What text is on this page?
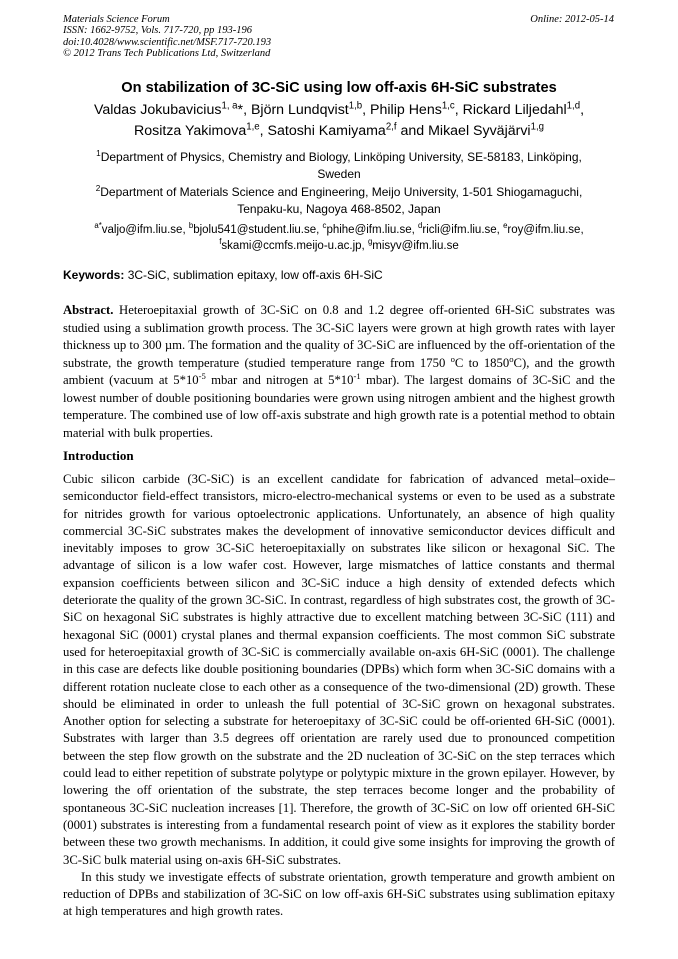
Materials Science Forum
ISSN: 1662-9752, Vols. 717-720, pp 193-196
doi:10.4028/www.scientific.net/MSF.717-720.193
© 2012 Trans Tech Publications Ltd, Switzerland
Online: 2012-05-14
On stabilization of 3C-SiC using low off-axis 6H-SiC substrates
Valdas Jokubavicius$^{1, a}$*, Björn Lundqvist$^{1,b}$, Philip Hens$^{1,c}$, Rickard Liljedahl$^{1,d}$,
Rositza Yakimova$^{1,e}$, Satoshi Kamiyama$^{2,f}$ and Mikael Syväjärvi$^{1,g}$
$^1$Department of Physics, Chemistry and Biology, Linköping University, SE-58183, Linköping,
Sweden
$^2$Department of Materials Science and Engineering, Meijo University, 1-501 Shiogamaguchi,
Tenpaku-ku, Nagoya 468-8502, Japan
$^{a*}$valjo@ifm.liu.se, $^b$bjolu541@student.liu.se, $^c$phihe@ifm.liu.se, $^d$ricli@ifm.liu.se, $^e$roy@ifm.liu.se,
$^f$skami@ccmfs.meijo-u.ac.jp, $^g$misyv@ifm.liu.se
Keywords: 3C-SiC, sublimation epitaxy, low off-axis 6H-SiC
Abstract. Heteroepitaxial growth of 3C-SiC on 0.8 and 1.2 degree off-oriented 6H-SiC substrates was studied using a sublimation growth process. The 3C-SiC layers were grown at high growth rates with layer thickness up to 300 µm. The formation and the quality of 3C-SiC are influenced by the off-orientation of the substrate, the growth temperature (studied temperature range from 1750 $^o$C to 1850$^o$C), and the growth ambient (vacuum at $5*10^{-5}$ mbar and nitrogen at $5*10^{-1}$ mbar). The largest domains of 3C-SiC and the lowest number of double positioning boundaries were grown using nitrogen ambient and the highest growth temperature. The combined use of low off-axis substrate and high growth rate is a potential method to obtain material with bulk properties.
Introduction

Cubic silicon carbide (3C-SiC) is an excellent candidate for fabrication of advanced metal–oxide–semiconductor field-effect transistors, micro-electro-mechanical systems or even to be used as a substrate for nitrides growth for various optoelectronic applications. Unfortunately, an absence of high quality commercial 3C-SiC substrates makes the development of innovative semiconductor devices difficult and inevitably imposes to grow 3C-SiC heteroepitaxially on substrates like silicon or hexagonal SiC. The advantage of silicon is a low wafer cost. However, large mismatches of lattice constants and thermal expansion coefficients between silicon and 3C-SiC induce a high density of extended defects which deteriorate the quality of the grown 3C-SiC. In contrast, regardless of high substrates cost, the growth of 3C-SiC on hexagonal SiC substrates is highly attractive due to excellent matching between 3C-SiC (111) and hexagonal SiC (0001) crystal planes and thermal expansion coefficients. The most common SiC substrate used for heteroepitaxial growth of 3C-SiC is commercially available on-axis 6H-SiC (0001). The challenge in this case are defects like double positioning boundaries (DPBs) which form when 3C-SiC domains with a different rotation nucleate close to each other as a consequence of the two-dimensional (2D) growth. These should be eliminated in order to unleash the full potential of 3C-SiC grown on hexagonal substrates. Another option for selecting a substrate for heteroepitaxy of 3C-SiC could be off-oriented 6H-SiC (0001). Substrates with larger than 3.5 degrees off orientation are rarely used due to pronounced competition between the step flow growth on the substrate and the 2D nucleation of 3C-SiC on the step terraces which could lead to either repetition of substrate polytype or polytypic mixture in the grown epilayer. However, by lowering the off orientation of the substrate, the step terraces become longer and the probability of spontaneous 3C-SiC nucleation increases [1]. Therefore, the growth of 3C-SiC on low off oriented 6H-SiC (0001) substrates is interesting from a fundamental research point of view as it explores the stability border between these two growth mechanisms. In addition, it could give some insights for improving the growth of 3C-SiC bulk material using on-axis 6H-SiC substrates.

In this study we investigate effects of substrate orientation, growth temperature and growth ambient on reduction of DPBs and stabilization of 3C-SiC on low off-axis 6H-SiC substrates using sublimation epitaxy at high temperatures and high growth rates.
